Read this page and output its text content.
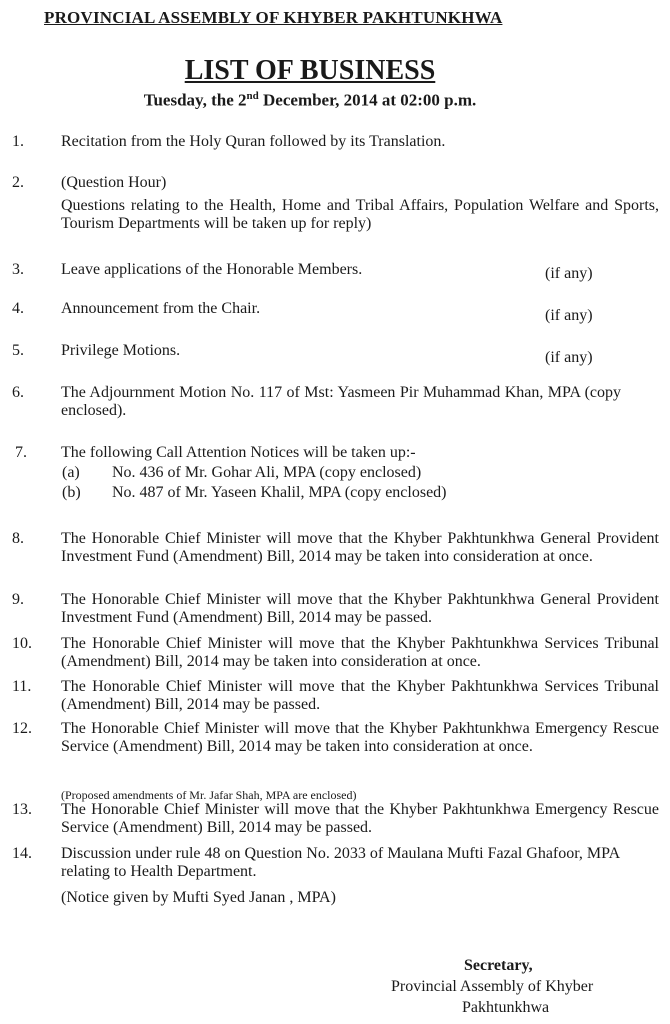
PROVINCIAL ASSEMBLY OF KHYBER PAKHTUNKHWA
LIST OF BUSINESS
Tuesday, the 2nd December, 2014 at 02:00 p.m.
1. Recitation from the Holy Quran followed by its Translation.
2. (Question Hour)
Questions relating to the Health, Home and Tribal Affairs, Population Welfare and Sports, Tourism Departments will be taken up for reply)
3. Leave applications of the Honorable Members.	(if any)
4. Announcement from the Chair.	(if any)
5. Privilege Motions.	(if any)
6. The Adjournment Motion No. 117 of Mst: Yasmeen Pir Muhammad Khan, MPA (copy enclosed).
7. The following Call Attention Notices will be taken up:-
(a) No. 436 of Mr. Gohar Ali, MPA (copy enclosed)
(b) No. 487 of Mr. Yaseen Khalil, MPA (copy enclosed)
8. The Honorable Chief Minister will move that the Khyber Pakhtunkhwa General Provident Investment Fund (Amendment) Bill, 2014 may be taken into consideration at once.
9. The Honorable Chief Minister will move that the Khyber Pakhtunkhwa General Provident Investment Fund (Amendment) Bill, 2014 may be passed.
10. The Honorable Chief Minister will move that the Khyber Pakhtunkhwa Services Tribunal (Amendment) Bill, 2014 may be taken into consideration at once.
11. The Honorable Chief Minister will move that the Khyber Pakhtunkhwa Services Tribunal (Amendment) Bill, 2014 may be passed.
12. The Honorable Chief Minister will move that the Khyber Pakhtunkhwa Emergency Rescue Service (Amendment) Bill, 2014 may be taken into consideration at once.
(Proposed amendments of Mr. Jafar Shah, MPA are enclosed)
13. The Honorable Chief Minister will move that the Khyber Pakhtunkhwa Emergency Rescue Service (Amendment) Bill, 2014 may be passed.
14. Discussion under rule 48 on Question No. 2033 of Maulana Mufti Fazal Ghafoor, MPA relating to Health Department.
(Notice given by Mufti Syed Janan , MPA)
Secretary,
Provincial Assembly of Khyber
Pakhtunkhwa
